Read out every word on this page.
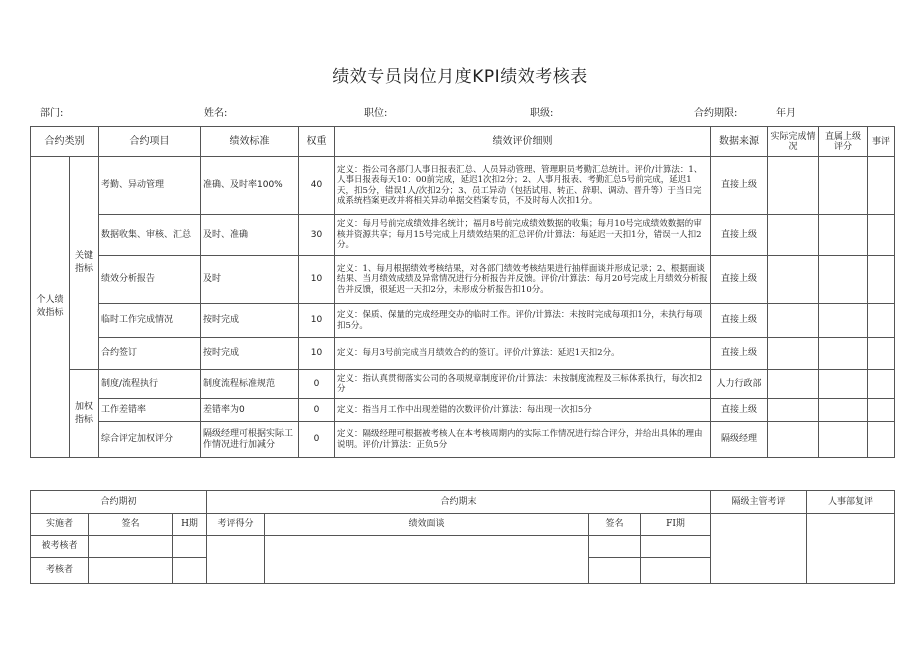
绩效专员岗位月度KPI绩效考核表
部门:	姓名:	职位:	职级:	合约期限:	年月
合约类别		合约项目	绩效标准	权重	绩效评价细则	数据来源	实际完成情况	直属上级评分	事评
个人绩效指标	关键指标	考勤、异动管理	准确、及时率100%	40	定义：指公司各部门人事日报表汇总、人员异动管理、管理职员考勤汇总统计。评价/计算法：1、人事日报表每天10：00前完成，延迟1次扣2分；2、人事月报表、考勤汇总5号前完成，延迟1天，扣5分，错误1人/次扣2分；3、员工异动（包括试用、转正、辞职、调动、晋升等）于当日完成系统档案更改并将相关异动单据交档案专员，不及时每人次扣1分。	直接上级			
		数据收集、审核、汇总	及时、准确	30	定义：每月号前完成绩效排名统计；福月8号前完成绩效数据的收集；每月10号完成绩效数据的审核并资源共享；每月15号完成上月绩效结果的汇总评价/计算法：每延迟一天扣1分，错误一人扣2分。	直接上级			
		绩效分析报告	及时	10	定义：1、每月根据绩效考核结果，对各部门绩效考核结果进行抽样面谈并形成记录；2、根据面谈结果、当月绩效成绩及异常情况进行分析报告并反馈。评价/计算法：每月20号完成上月绩效分析报告并反馈，很延迟一天扣2分，未形成分析报告扣10分。	直接上级			
		临时工作完成情况	按时完成	10	定义：保质、保量的完成经理交办的临时工作。评价/计算法：未按时完成每项扣1分，未执行每项扣5分。	直接上级			
		合约签订	按时完成	10	定义：每月3号前完成当月绩效合约的签订。评价/计算法：延迟1天扣2分。	直接上级			
	加权指标	制度/流程执行	制度流程标准规范	0	定义：指认真贯彻落实公司的各项规章制度评价/计算法：未按制度流程及三标体系执行，每次扣2分	人力行政部			
		工作差错率	差错率为0	0	定义：指当月工作中出现差错的次数评价/计算法：每出现一次扣5分	直接上级			
		综合评定加权评分	隔级经理可根据实际工作情况进行加减分	0	定义：隔级经理可根据被考核人在本考核周期内的实际工作情况进行综合评分，并给出具体的理由说明。评价/计算法：正负5分	隔级经理			
合约期初			合约期末				隔级主管考评	人事部复评
实施者	签名	H期	考评得分	绩效面谈	签名	FI期		
被考核者								
考核者								
